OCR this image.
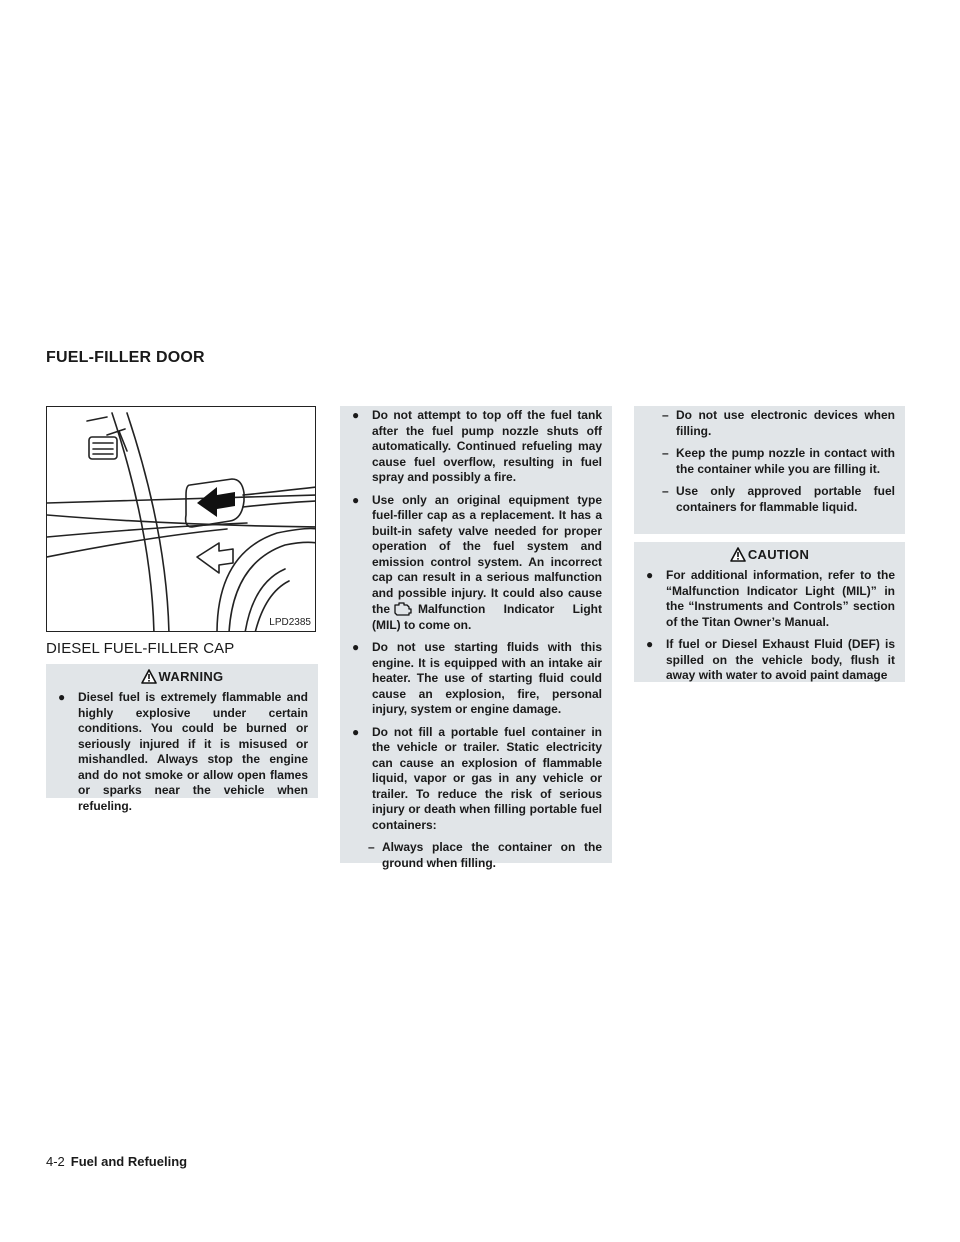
FUEL-FILLER DOOR
LPD2385
DIESEL FUEL-FILLER CAP
WARNING
● Diesel fuel is extremely flammable and highly explosive under certain conditions. You could be burned or seriously injured if it is misused or mishandled. Always stop the engine and do not smoke or allow open flames or sparks near the vehicle when refueling.
● Do not attempt to top off the fuel tank after the fuel pump nozzle shuts off automatically. Continued refueling may cause fuel overflow, resulting in fuel spray and possibly a fire.
● Use only an original equipment type fuel-filler cap as a replacement. It has a built-in safety valve needed for proper operation of the fuel system and emission control system. An incorrect cap can result in a serious malfunction and possible injury. It could also cause the Malfunction Indicator Light (MIL) to come on.
● Do not use starting fluids with this engine. It is equipped with an intake air heater. The use of starting fluid could cause an explosion, fire, personal injury, system or engine damage.
● Do not fill a portable fuel container in the vehicle or trailer. Static electricity can cause an explosion of flammable liquid, vapor or gas in any vehicle or trailer. To reduce the risk of serious injury or death when filling portable fuel containers:
– Always place the container on the ground when filling.
– Do not use electronic devices when filling.
– Keep the pump nozzle in contact with the container while you are filling it.
– Use only approved portable fuel containers for flammable liquid.
CAUTION
● For additional information, refer to the “Malfunction Indicator Light (MIL)” in the “Instruments and Controls” section of the Titan Owner’s Manual.
● If fuel or Diesel Exhaust Fluid (DEF) is spilled on the vehicle body, flush it away with water to avoid paint damage
4-2 Fuel and Refueling
